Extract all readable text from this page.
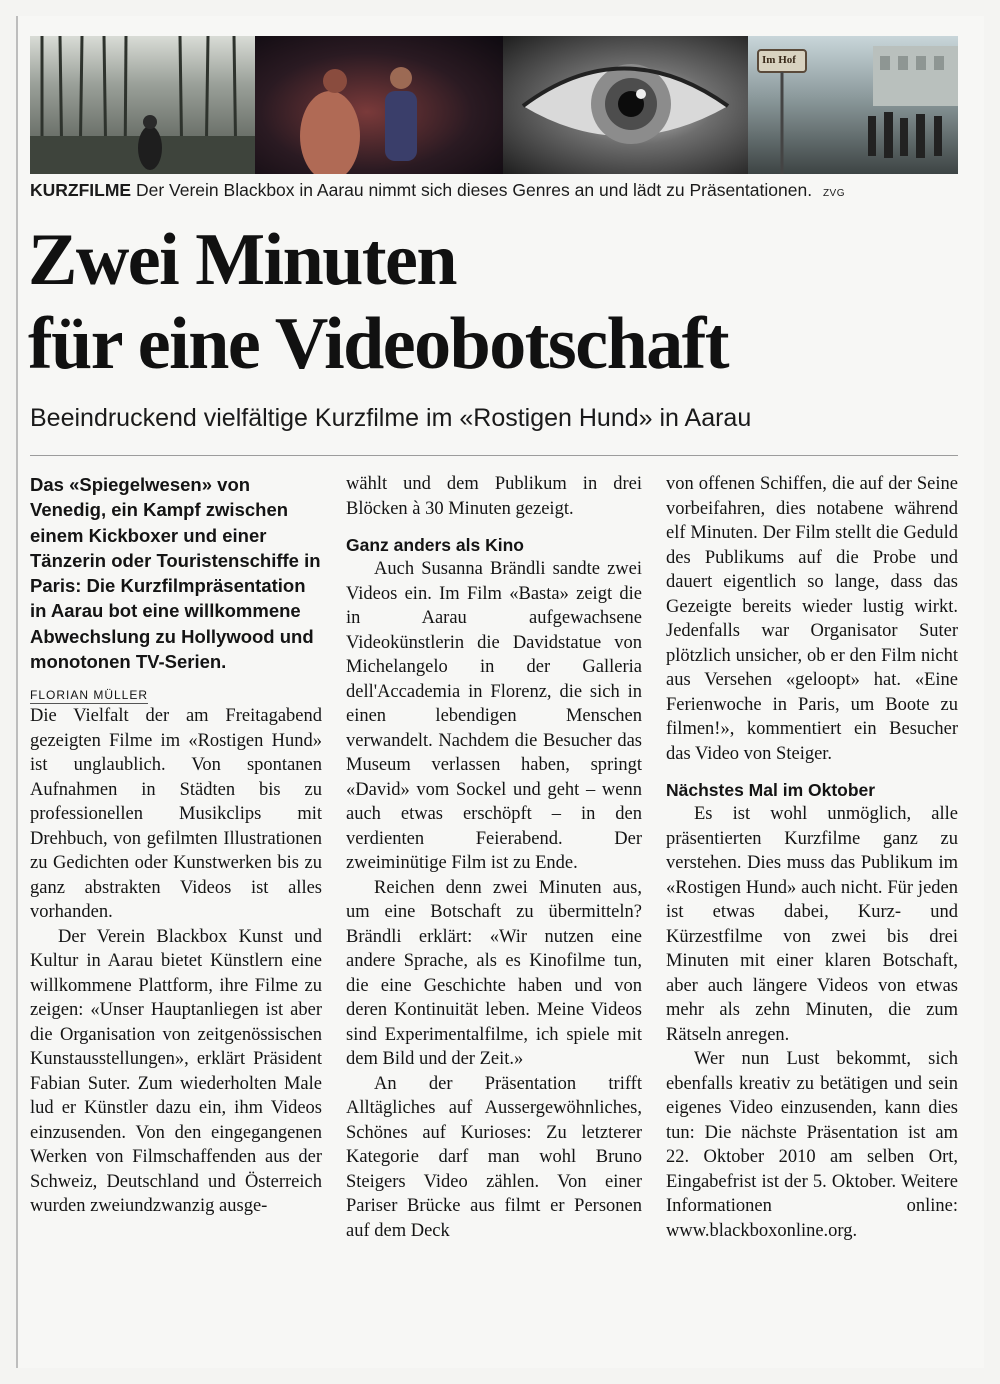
Im Hof
KURZFILME Der Verein Blackbox in Aarau nimmt sich dieses Genres an und lädt zu Präsentationen. ZVG
Zwei Minuten
für eine Videobotschaft
Beeindruckend vielfältige Kurzfilme im «Rostigen Hund» in Aarau

Das «Spiegelwesen» von Venedig, ein Kampf zwischen einem Kickboxer und einer Tänzerin oder Touristenschiffe in Paris: Die Kurzfilmpräsentation in Aarau bot eine willkommene Abwechslung zu Hollywood und monotonen TV-Serien.

FLORIAN MÜLLER

Die Vielfalt der am Freitagabend gezeigten Filme im «Rostigen Hund» ist unglaublich. Von spontanen Aufnahmen in Städten bis zu professionellen Musikclips mit Drehbuch, von gefilmten Illustrationen zu Gedichten oder Kunstwerken bis zu ganz abstrakten Videos ist alles vorhanden.

Der Verein Blackbox Kunst und Kultur in Aarau bietet Künstlern eine willkommene Plattform, ihre Filme zu zeigen: «Unser Hauptanliegen ist aber die Organisation von zeitgenössischen Kunstausstellungen», erklärt Präsident Fabian Suter. Zum wiederholten Male lud er Künstler dazu ein, ihm Videos einzusenden. Von den eingegangenen Werken von Filmschaffenden aus der Schweiz, Deutschland und Österreich wurden zweiundzwanzig ausge-

wählt und dem Publikum in drei Blöcken à 30 Minuten gezeigt.

Ganz anders als Kino

Auch Susanna Brändli sandte zwei Videos ein. Im Film «Basta» zeigt die in Aarau aufgewachsene Videokünstlerin die Davidstatue von Michelangelo in der Galleria dell'Accademia in Florenz, die sich in einen lebendigen Menschen verwandelt. Nachdem die Besucher das Museum verlassen haben, springt «David» vom Sockel und geht – wenn auch etwas erschöpft – in den verdienten Feierabend. Der zweiminütige Film ist zu Ende.

Reichen denn zwei Minuten aus, um eine Botschaft zu übermitteln? Brändli erklärt: «Wir nutzen eine andere Sprache, als es Kinofilme tun, die eine Geschichte haben und von deren Kontinuität leben. Meine Videos sind Experimentalfilme, ich spiele mit dem Bild und der Zeit.»

An der Präsentation trifft Alltägliches auf Aussergewöhnliches, Schönes auf Kurioses: Zu letzterer Kategorie darf man wohl Bruno Steigers Video zählen. Von einer Pariser Brücke aus filmt er Personen auf dem Deck

von offenen Schiffen, die auf der Seine vorbeifahren, dies notabene während elf Minuten. Der Film stellt die Geduld des Publikums auf die Probe und dauert eigentlich so lange, dass das Gezeigte bereits wieder lustig wirkt. Jedenfalls war Organisator Suter plötzlich unsicher, ob er den Film nicht aus Versehen «geloopt» hat. «Eine Ferienwoche in Paris, um Boote zu filmen!», kommentiert ein Besucher das Video von Steiger.

Nächstes Mal im Oktober

Es ist wohl unmöglich, alle präsentierten Kurzfilme ganz zu verstehen. Dies muss das Publikum im «Rostigen Hund» auch nicht. Für jeden ist etwas dabei, Kurz- und Kürzestfilme von zwei bis drei Minuten mit einer klaren Botschaft, aber auch längere Videos von etwas mehr als zehn Minuten, die zum Rätseln anregen.

Wer nun Lust bekommt, sich ebenfalls kreativ zu betätigen und sein eigenes Video einzusenden, kann dies tun: Die nächste Präsentation ist am 22. Oktober 2010 am selben Ort, Eingabefrist ist der 5. Oktober. Weitere Informationen online: www.blackboxonline.org.
